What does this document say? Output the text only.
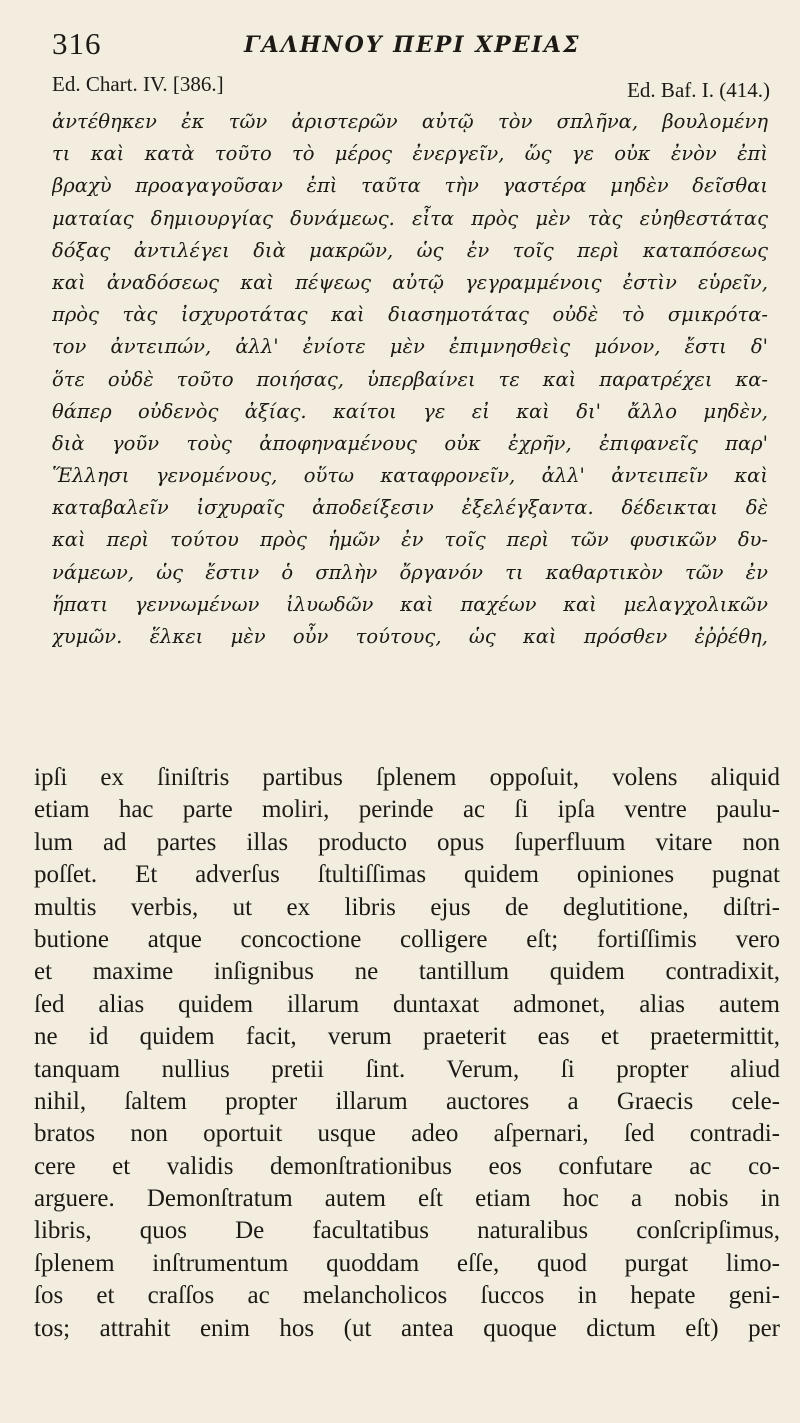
316	ΓΑΛΗΝΟΥ ΠΕΡΙ ΧΡΕΙΑΣ
Ed. Chart. IV. [386.]	Ed. Baf. I. (414.)
ἀντέθηκεν ἐκ τῶν ἀριστερῶν αὐτῷ τὸν σπλῆνα, βουλομένη
τι καὶ κατὰ τοῦτο τὸ μέρος ἐνεργεῖν, ὥς γε οὐκ ἐνὸν ἐπὶ
βραχὺ προαγαγοῦσαν ἐπὶ ταῦτα τὴν γαστέρα μηδὲν δεῖσθαι
ματαίας δημιουργίας δυνάμεως. εἶτα πρὸς μὲν τὰς εὐηθεστάτας
δόξας ἀντιλέγει διὰ μακρῶν, ὡς ἐν τοῖς περὶ καταπόσεως
καὶ ἀναδόσεως καὶ πέψεως αὐτῷ γεγραμμένοις ἐστὶν εὑρεῖν,
πρὸς τὰς ἰσχυροτάτας καὶ διασημοτάτας οὐδὲ τὸ σμικρότα-
τον ἀντειπών, ἀλλ' ἐνίοτε μὲν ἐπιμνησθεὶς μόνον, ἔστι δ'
ὅτε οὐδὲ τοῦτο ποιήσας, ὑπερβαίνει τε καὶ παρατρέχει κα-
θάπερ οὐδενὸς ἀξίας. καίτοι γε εἰ καὶ δι' ἄλλο μηδὲν,
διὰ γοῦν τοὺς ἀποφηναμένους οὐκ ἐχρῆν, ἐπιφανεῖς παρ'
Ἕλλησι γενομένους, οὕτω καταφρονεῖν, ἀλλ' ἀντειπεῖν καὶ
καταβαλεῖν ἰσχυραῖς ἀποδείξεσιν ἐξελέγξαντα. δέδεικται δὲ
καὶ περὶ τούτου πρὸς ἡμῶν ἐν τοῖς περὶ τῶν φυσικῶν δυ-
νάμεων, ὡς ἔστιν ὁ σπλὴν ὄργανόν τι καθαρτικὸν τῶν ἐν
ἥπατι γεννωμένων ἰλυωδῶν καὶ παχέων καὶ μελαγχολικῶν
χυμῶν. ἕλκει μὲν οὖν τούτους, ὡς καὶ πρόσθεν ἐῤῥέθη,
ipſi ex ſiniſtris partibus ſplenem oppoſuit, volens aliquid
etiam hac parte moliri, perinde ac ſi ipſa ventre paulu-
lum ad partes illas producto opus ſuperfluum vitare non
poſſet. Et adverſus ſtultiſſimas quidem opiniones pugnat
multis verbis, ut ex libris ejus de deglutitione, diſtri-
butione atque concoctione colligere eſt; fortiſſimis vero
et maxime inſignibus ne tantillum quidem contradixit,
ſed alias quidem illarum duntaxat admonet, alias autem
ne id quidem facit, verum praeterit eas et praetermittit,
tanquam nullius pretii ſint. Verum, ſi propter aliud
nihil, ſaltem propter illarum auctores a Graecis cele-
bratos non oportuit usque adeo aſpernari, ſed contradi-
cere et validis demonſtrationibus eos confutare ac co-
arguere. Demonſtratum autem eſt etiam hoc a nobis in
libris, quos De facultatibus naturalibus conſcripſimus,
ſplenem inſtrumentum quoddam eſſe, quod purgat limo-
ſos et craſſos ac melancholicos ſuccos in hepate geni-
tos; attrahit enim hos (ut antea quoque dictum eſt) per
